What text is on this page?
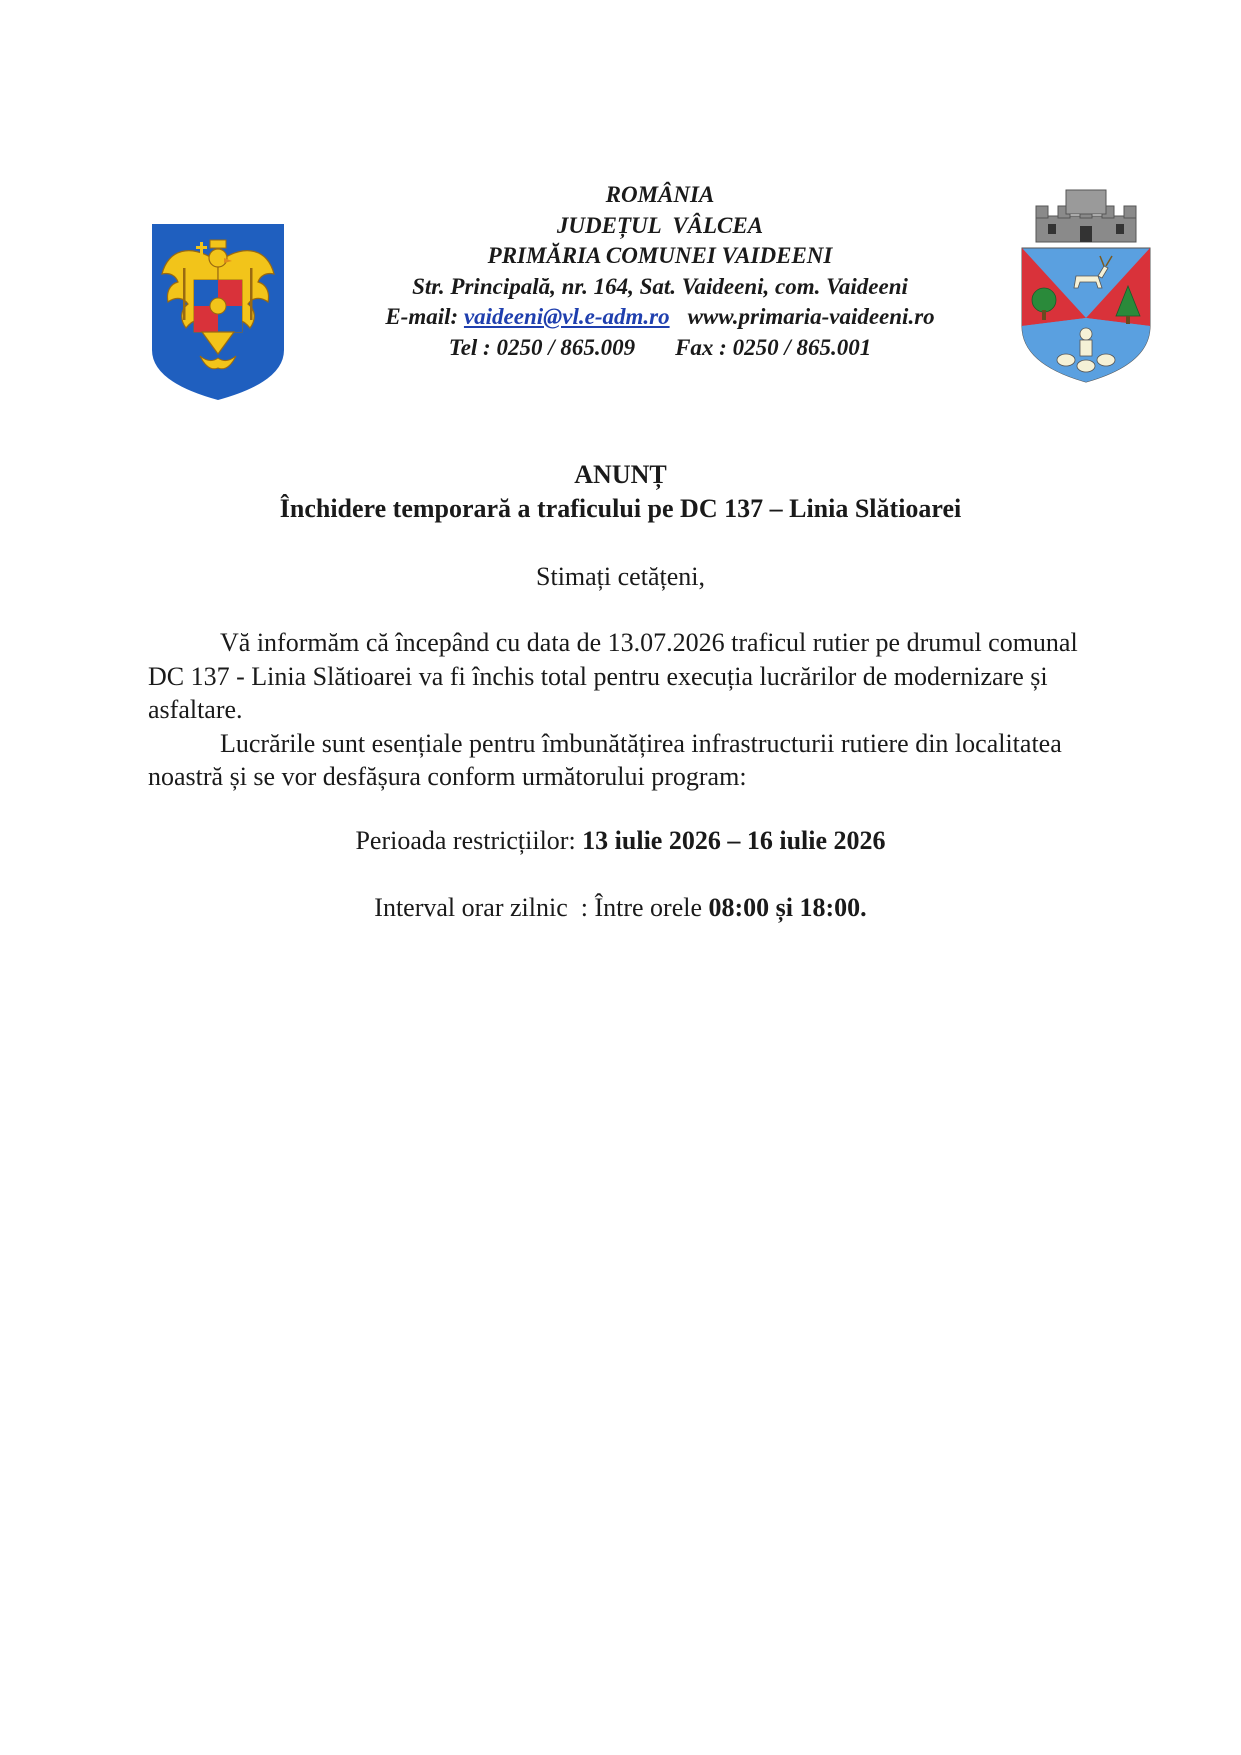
ROMÂNIA
JUDEȚUL  VÂLCEA
PRIMĂRIA COMUNEI VAIDEENI
Str. Principală, nr. 164, Sat. Vaideeni, com. Vaideeni
E-mail: vaideeni@vl.e-adm.ro www.primaria-vaideeni.ro
Tel : 0250 / 865.009 Fax : 0250 / 865.001
ANUNȚ
Închidere temporară a traficului pe DC 137 – Linia Slătioarei
Stimați cetățeni,

Vă informăm că începând cu data de 13.07.2026 traficul rutier pe drumul comunal DC 137 - Linia Slătioarei va fi închis total pentru execuția lucrărilor de modernizare și asfaltare.

Lucrările sunt esențiale pentru îmbunătățirea infrastructurii rutiere din localitatea noastră și se vor desfășura conform următorului program:

Perioada restricțiilor: 13 iulie 2026 – 16 iulie 2026
Interval orar zilnic  : Între orele 08:00 și 18:00.
